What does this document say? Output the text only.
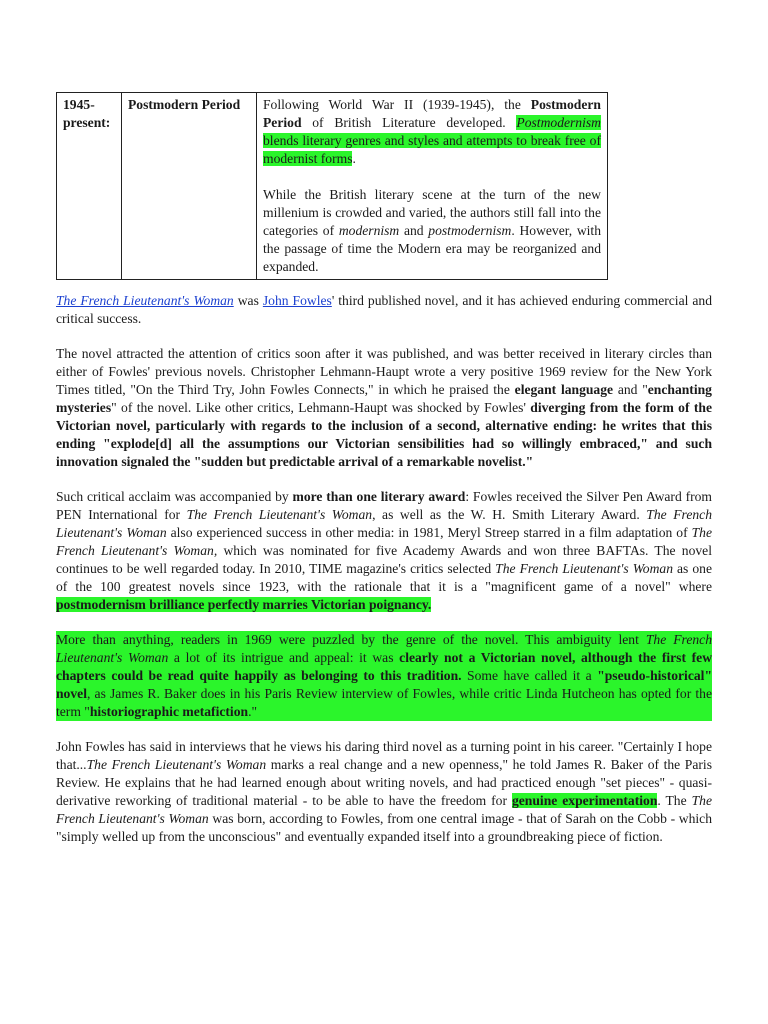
1945-present:	Postmodern Period	Following World War II (1939-1945), the Postmodern Period of British Literature developed. Postmodernism blends literary genres and styles and attempts to break free of modernist forms.
While the British literary scene at the turn of the new millenium is crowded and varied, the authors still fall into the categories of modernism and postmodernism. However, with the passage of time the Modern era may be reorganized and expanded.

The French Lieutenant's Woman was John Fowles' third published novel, and it has achieved enduring commercial and critical success.

The novel attracted the attention of critics soon after it was published, and was better received in literary circles than either of Fowles' previous novels. Christopher Lehmann-Haupt wrote a very positive 1969 review for the New York Times titled, "On the Third Try, John Fowles Connects," in which he praised the elegant language and "enchanting mysteries" of the novel. Like other critics, Lehmann-Haupt was shocked by Fowles' diverging from the form of the Victorian novel, particularly with regards to the inclusion of a second, alternative ending: he writes that this ending "explode[d] all the assumptions our Victorian sensibilities had so willingly embraced," and such innovation signaled the "sudden but predictable arrival of a remarkable novelist."

Such critical acclaim was accompanied by more than one literary award: Fowles received the Silver Pen Award from PEN International for The French Lieutenant's Woman, as well as the W. H. Smith Literary Award. The French Lieutenant's Woman also experienced success in other media: in 1981, Meryl Streep starred in a film adaptation of The French Lieutenant's Woman, which was nominated for five Academy Awards and won three BAFTAs. The novel continues to be well regarded today. In 2010, TIME magazine's critics selected The French Lieutenant's Woman as one of the 100 greatest novels since 1923, with the rationale that it is a "magnificent game of a novel" where postmodernism brilliance perfectly marries Victorian poignancy.

More than anything, readers in 1969 were puzzled by the genre of the novel. This ambiguity lent The French Lieutenant's Woman a lot of its intrigue and appeal: it was clearly not a Victorian novel, although the first few chapters could be read quite happily as belonging to this tradition. Some have called it a "pseudo-historical" novel, as James R. Baker does in his Paris Review interview of Fowles, while critic Linda Hutcheon has opted for the term "historiographic metafiction."

John Fowles has said in interviews that he views his daring third novel as a turning point in his career. "Certainly I hope that...The French Lieutenant's Woman marks a real change and a new openness," he told James R. Baker of the Paris Review. He explains that he had learned enough about writing novels, and had practiced enough "set pieces" - quasi-derivative reworking of traditional material - to be able to have the freedom for genuine experimentation. The The French Lieutenant's Woman was born, according to Fowles, from one central image - that of Sarah on the Cobb - which "simply welled up from the unconscious" and eventually expanded itself into a groundbreaking piece of fiction.
